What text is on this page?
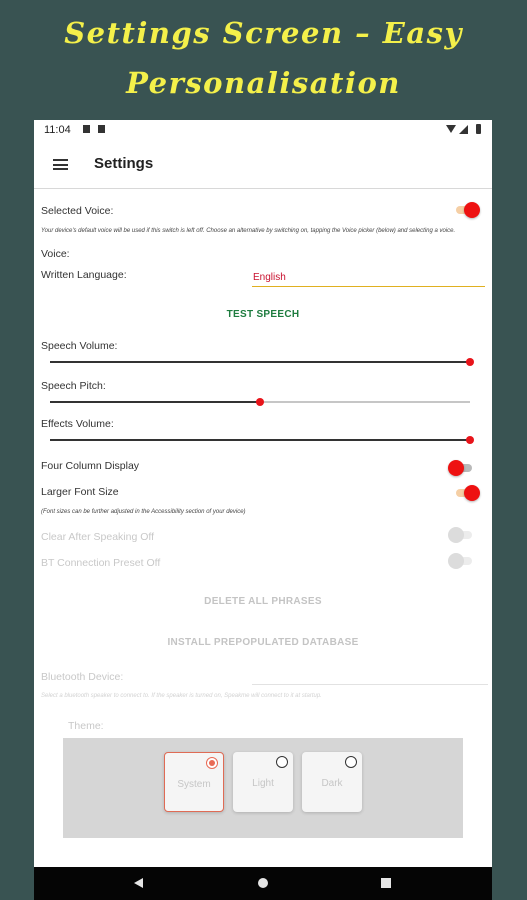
Settings Screen – Easy
Personalisation
11:04
Settings
Selected Voice:
Your device's default voice will be used if this switch is left off. Choose an alternative by switching on, tapping the Voice picker (below) and selecting a voice.
Voice:
Written Language:
English
TEST SPEECH
Speech Volume:
Speech Pitch:
Effects Volume:
Four Column Display
Larger Font Size
(Font sizes can be further adjusted in the Accessibility section of your device)
Clear After Speaking Off
BT Connection Preset Off
DELETE ALL PHRASES
INSTALL PREPOPULATED DATABASE
Bluetooth Device:
Select a bluetooth speaker to connect to. If the speaker is turned on, Speakme will connect to it at startup.
Theme:
System	Light	Dark
